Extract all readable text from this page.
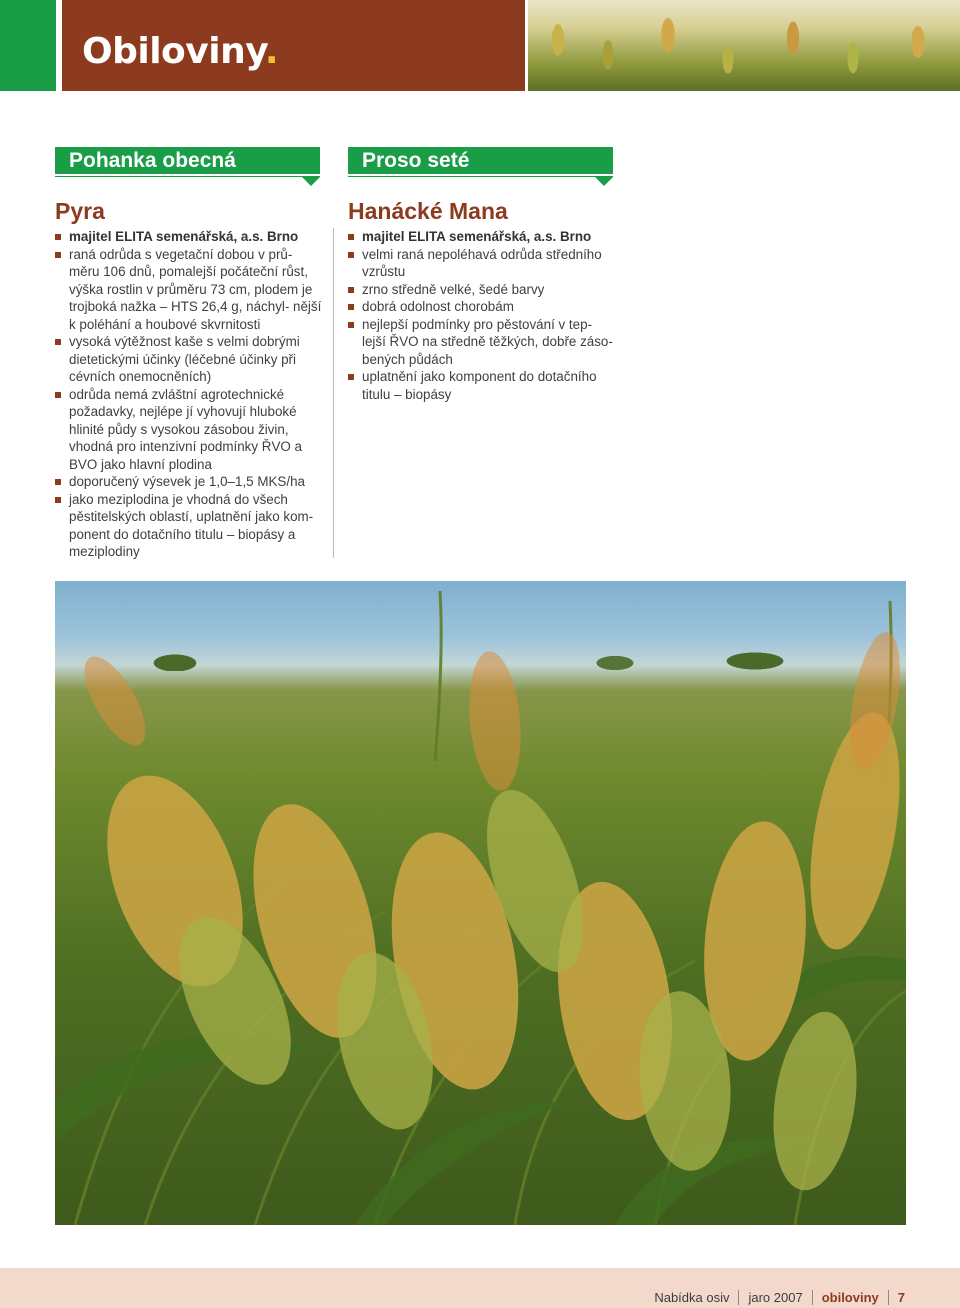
Obiloviny.
Pohanka obecná
Pyra
majitel ELITA semenářská, a.s. Brno
raná odrůda s vegetační dobou v prů- měru 106 dnů, pomalejší počáteční růst, výška rostlin v průměru 73 cm, plodem je trojboká nažka – HTS 26,4 g, náchyl- nější k poléhání a houbové skvrnitosti
vysoká výtěžnost kaše s velmi dobrými dietetickými účinky (léčebné účinky při cévních onemocněních)
odrůda nemá zvláštní agrotechnické požadavky, nejlépe jí vyhovují hluboké hlinité půdy s vysokou zásobou živin, vhodná pro intenzivní podmínky ŘVO a BVO jako hlavní plodina
doporučený výsevek je 1,0–1,5 MKS/ha
jako meziplodina je vhodná do všech pěstitelských oblastí, uplatnění jako kom- ponent do dotačního titulu – biopásy a meziplodiny
Proso seté
Hanácké Mana
majitel ELITA semenářská, a.s. Brno
velmi raná nepoléhavá odrůda středního vzrůstu
zrno středně velké, šedé barvy
dobrá odolnost chorobám
nejlepší podmínky pro pěstování v tep- lejší ŘVO na středně těžkých, dobře záso- bených půdách
uplatnění jako komponent do dotačního titulu – biopásy
Nabídka osiv jaro 2007 obiloviny 7
